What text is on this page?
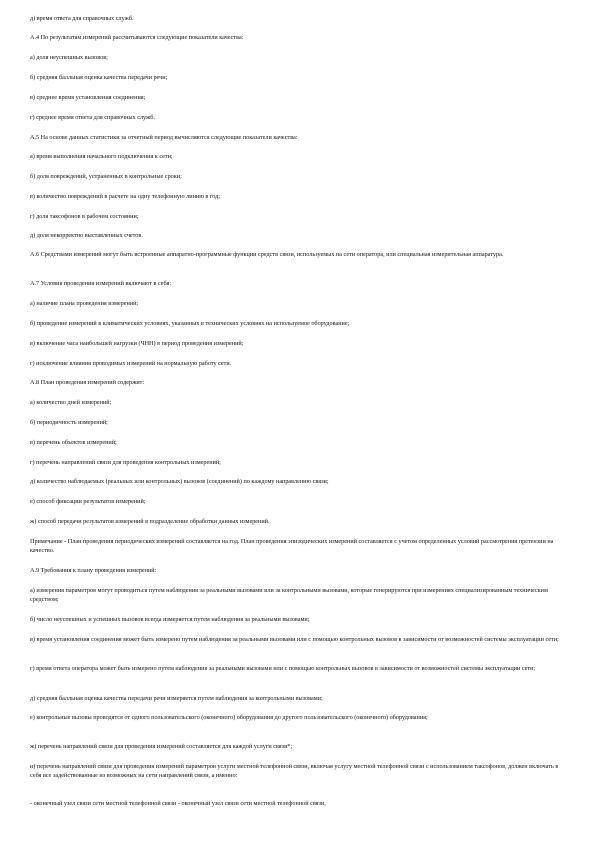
д) время ответа для справочных служб.

А.4 По результатам измерений рассчитываются следующие показатели качества:

а) доля неуспешных вызовов;

б) средняя балльная оценка качества передачи речи;

в) среднее время установления соединения;

г) среднее время ответа для справочных служб.

А.5 На основе данных статистики за отчетный период вычисляются следующие показатели качества:

а) время выполнения начального подключения к сети;

б) доля повреждений, устраненных в контрольные сроки;

в) количество повреждений в расчете на одну телефонную линию в год;

г) доля таксофонов в рабочем состоянии;

д) доля некорректно выставленных счетов.

А.6 Средствами измерений могут быть встроенные аппаратно-программные функции средств связи, используемых на сети оператора, или специальная измерительная аппаратура.

А.7 Условия проведения измерений включают в себя:

а) наличие плана проведения измерений;

б) проведение измерений в климатических условиях, указанных в технических условиях на используемое оборудование;

в) включение часа наибольшей нагрузки (ЧНН) в период проведения измерений;

г) исключение влияния проводимых измерений на нормальную работу сети.

А.8 План проведения измерений содержит:

а) количество дней измерений;

б) периодичность измерений;

в) перечень объектов измерений;

г) перечень направлений связи для проведения контрольных измерений;

д) количество наблюдаемых (реальных или контрольных) вызовов (соединений) по каждому направлению связи;

е) способ фиксации результатов измерений;

ж) способ передачи результатов измерений в подразделение обработки данных измерений.

Примечание - План проведения периодических измерений составляется на год. План проведения эпизодических измерений составляется с учетом определенных условий рассмотрения претензии на качество.

А.9 Требования к плану проведения измерений:

а) измерения параметров могут проводиться путем наблюдения за реальными вызовами или за контрольными вызовами, которые генерируются при измерениях специализированным техническим средством;

б) число неуспешных и успешных вызовов всегда измеряется путем наблюдения за реальными вызовами;

в) время установления соединения может быть измерено путем наблюдения за реальными вызовами или с помощью контрольных вызовов в зависимости от возможностей системы эксплуатации сети;

г) время ответа оператора может быть измерено путем наблюдения за реальными вызовами или с помощью контрольных вызовов в зависимости от возможностей системы эксплуатации сети;

д) средняя балльная оценка качества передачи речи измеряется путем наблюдения за контрольными вызовами;

е) контрольные вызовы проводятся от одного пользовательского (оконечного) оборудования до другого пользовательского (оконечного) оборудования;

ж) перечень направлений связи для проведения измерений составляется для каждой услуги связи*;

и) перечень направлений связи для проведения измерений параметров услуги местной телефонной связи, включая услугу местной телефонной связи с использованием таксофонов, должен включать в себя все задействованные из возможных на сети направлений связи, а именно:

- оконечный узел связи сети местной телефонной связи - оконечный узел связи сети местной телефонной связи,
